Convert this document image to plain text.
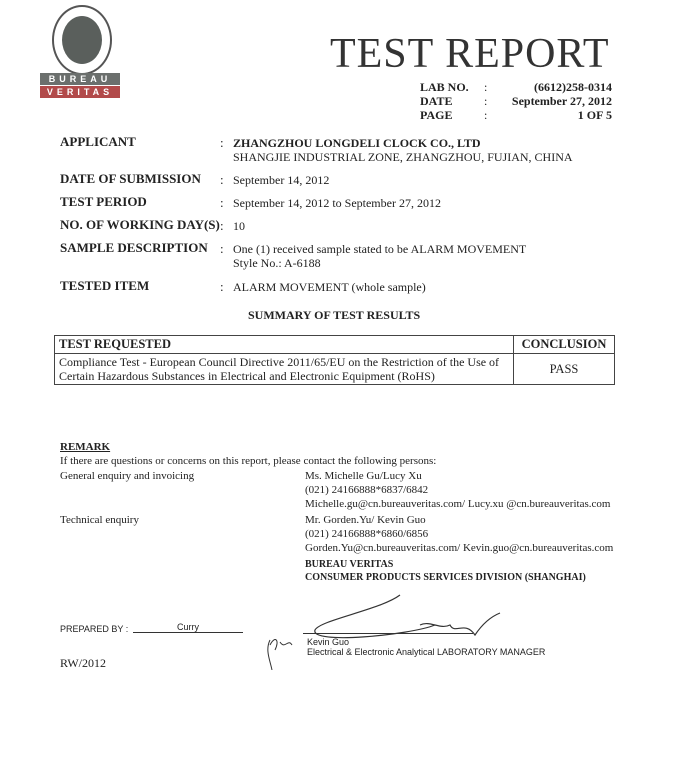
BUREAU
VERITAS
TEST REPORT
LAB NO. :	(6612)258-0314
DATE	: September 27, 2012
PAGE	:	1 OF 5
APPLICANT	: ZHANGZHOU LONGDELI CLOCK CO., LTD
SHANGJIE INDUSTRIAL ZONE, ZHANGZHOU, FUJIAN, CHINA
DATE OF SUBMISSION : September 14, 2012
TEST PERIOD	: September 14, 2012 to September 27, 2012
NO. OF WORKING DAY(S) : 10
SAMPLE DESCRIPTION : One (1) received sample stated to be ALARM MOVEMENT
Style No.: A-6188
TESTED ITEM	: ALARM MOVEMENT (whole sample)
SUMMARY OF TEST RESULTS
TEST REQUESTED	CONCLUSION

Compliance Test - European Council Directive 2011/65/EU on the Restriction of the Use of
Certain Hazardous Substances in Electrical and Electronic Equipment (RoHS)	PASS
REMARK
If there are questions or concerns on this report, please contact the following persons:
General enquiry and invoicing	Ms. Michelle Gu/Lucy Xu
(021) 24166888*6837/6842
Michelle.gu@cn.bureauveritas.com/ Lucy.xu @cn.bureauveritas.com
Technical enquiry	Mr. Gorden.Yu/ Kevin Guo
(021) 24166888*6860/6856
Gorden.Yu@cn.bureauveritas.com/ Kevin.guo@cn.bureauveritas.com
BUREAU VERITAS
CONSUMER PRODUCTS SERVICES DIVISION (SHANGHAI)
PREPARED BY :	Curry
Kevin Guo
Electrical & Electronic Analytical LABORATORY MANAGER
RW/2012
